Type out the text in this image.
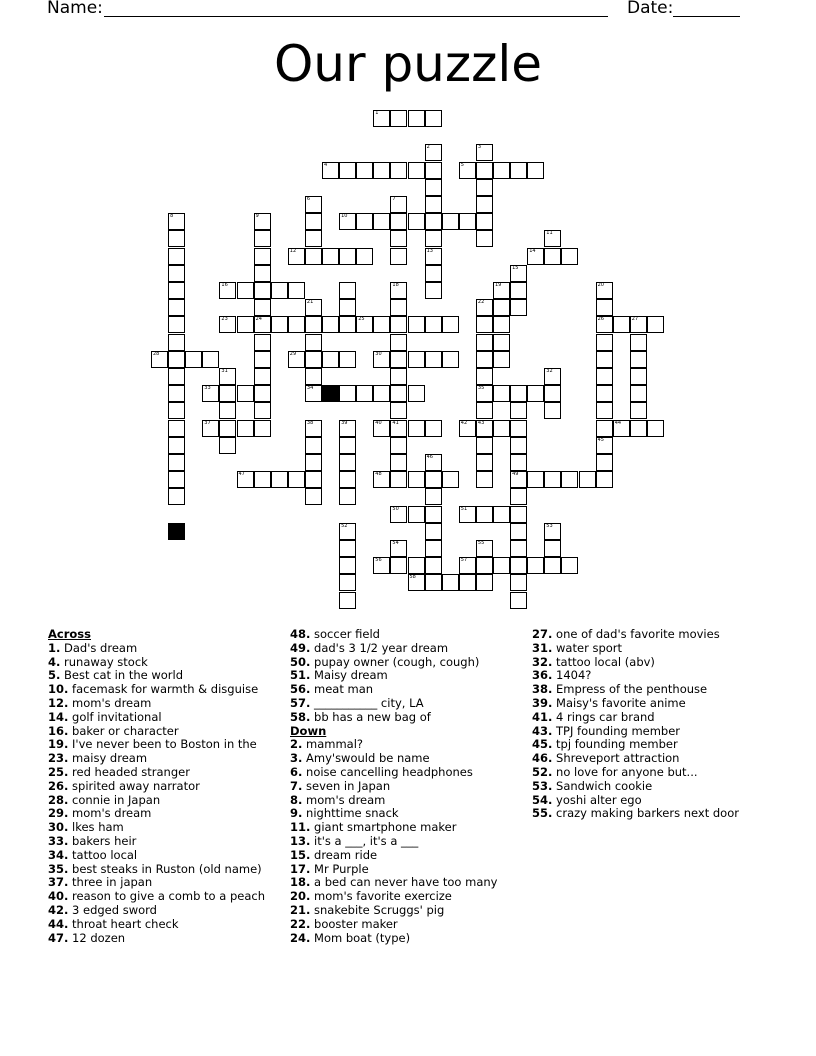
Name:	Date:
Our puzzle
1
2	3
4	5
6	7
8	9	10
11
12	13	14
15
16	18
41
19	20
26
45
21	22
35
43
23	24	25	27
28	29	30
31	32
33	34
49
37	38	39	40	42	44
46
47	48
50	51
52	53
54	55
56	57
58
Across
1. Dad's dream
4. runaway stock
5. Best cat in the world
10. facemask for warmth & disguise
12. mom's dream
14. golf invitational
16. baker or character
19. I've never been to Boston in the
23. maisy dream
25. red headed stranger
26. spirited away narrator
28. connie in Japan
29. mom's dream
30. lkes ham
33. bakers heir
34. tattoo local
35. best steaks in Ruston (old name)
37. three in japan
40. reason to give a comb to a peach
42. 3 edged sword
44. throat heart check
47. 12 dozen
48. soccer field
49. dad's 3 1/2 year dream
50. pupay owner (cough, cough)
51. Maisy dream
56. meat man
57. ___________ city, LA
58. bb has a new bag of
Down
2. mammal?
3. Amy'swould be name
6. noise cancelling headphones
7. seven in Japan
8. mom's dream
9. nighttime snack
11. giant smartphone maker
13. it's a ___, it's a ___
15. dream ride
17. Mr Purple
18. a bed can never have too many
20. mom's favorite exercize
21. snakebite Scruggs' pig
22. booster maker
24. Mom boat (type)
27. one of dad's favorite movies
31. water sport
32. tattoo local (abv)
36. 1404?
38. Empress of the penthouse
39. Maisy's favorite anime
41. 4 rings car brand
43. TPJ founding member
45. tpj founding member
46. Shreveport attraction
52. no love for anyone but...
53. Sandwich cookie
54. yoshi alter ego
55. crazy making barkers next door
